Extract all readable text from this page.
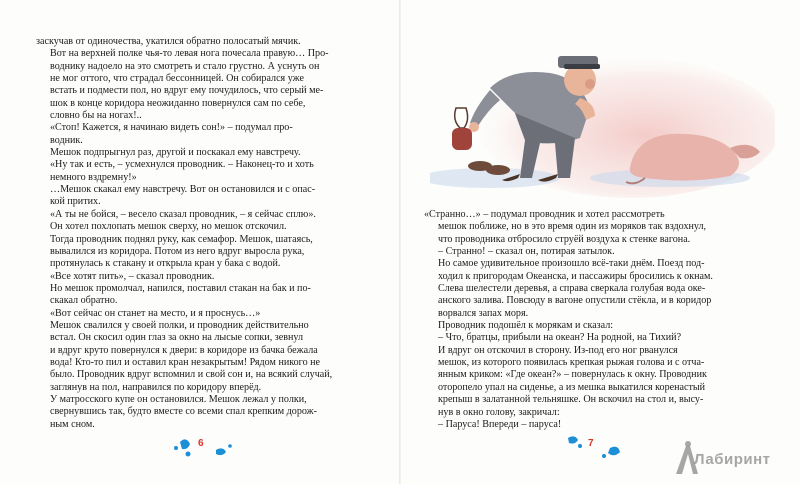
заскучав от одиночества, укатился обратно полосатый мячик.

Вот на верхней полке чья-то левая нога почесала правую… Про-

воднику надоело на это смотреть и стало грустно. А уснуть он

не мог оттого, что страдал бессонницей. Он собирался уже

встать и подмести пол, но вдруг ему почудилось, что серый ме-

шок в конце коридора неожиданно повернулся сам по себе,

словно бы на ногах!..

«Стоп! Кажется, я начинаю видеть сон!» – подумал про-

водник.

Мешок подпрыгнул раз, другой и поскакал ему навстречу.

«Ну так и есть, – усмехнулся проводник. – Наконец-то и хоть

немного вздремну!»

…Мешок скакал ему навстречу. Вот он остановился и с опас-

кой притих.

«А ты не бойся, – весело сказал проводник, – я сейчас сплю».

Он хотел похлопать мешок сверху, но мешок отскочил.

Тогда проводник поднял руку, как семафор. Мешок, шатаясь,

вывалился из коридора. Потом из него вдруг выросла рука,

протянулась к стакану и открыла кран у бака с водой.

«Все хотят пить», – сказал проводник.

Но мешок промолчал, напился, поставил стакан на бак и по-

скакал обратно.

«Вот сейчас он станет на место, и я проснусь…»

Мешок свалился у своей полки, и проводник действительно

встал. Он скосил один глаз за окно на лысые сопки, зевнул

и вдруг круто повернулся к двери: в коридоре из бачка бежала

вода! Кто-то пил и оставил кран незакрытым! Рядом никого не

было. Проводник вдруг вспомнил и свой сон и, на всякий случай,

заглянув на пол, направился по коридору вперёд.

У матросского купе он остановился. Мешок лежал у полки,

свернувшись так, будто вместе со всеми спал крепким дорож-

ным сном.

«Странно…» – подумал проводник и хотел рассмотреть

мешок поближе, но в это время один из моряков так вздохнул,

что проводника отбросило струёй воздуха к стенке вагона.

– Странно! – сказал он, потирая затылок.

Но самое удивительное произошло всё-таки днём. Поезд под-

ходил к пригородам Океанска, и пассажиры бросились к окнам.

Слева шелестели деревья, а справа сверкала голубая вода оке-

анского залива. Повсюду в вагоне опустили стёкла, и в коридор

ворвался запах моря.

Проводник подошёл к морякам и сказал:

– Что, братцы, прибыли на океан? На родной, на Тихий?

И вдруг он отскочил в сторону. Из-под его ног рванулся

мешок, из которого появилась крепкая рыжая голова и с отча-

янным криком: «Где океан?» – повернулась к окну. Проводник

оторопело упал на сиденье, а из мешка выкатился коренастый

крепыш в залатанной тельняшке. Он вскочил на стол и, высу-

нув в окно голову, закричал:

– Паруса! Впереди – паруса!

6	7
Лабиринт
